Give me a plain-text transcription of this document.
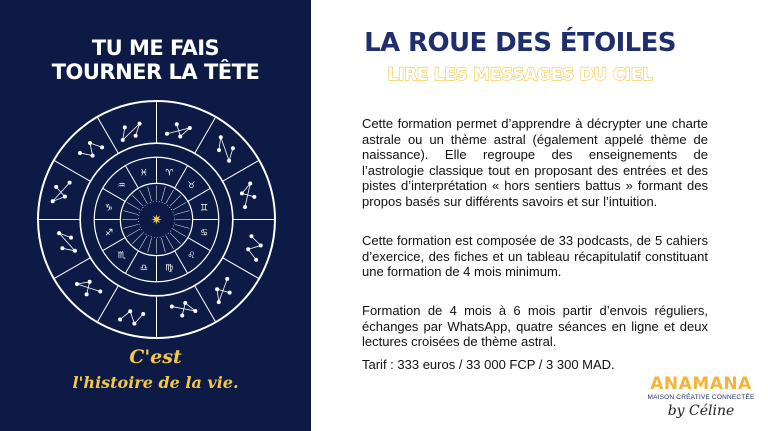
TU ME FAIS
TOURNER LA TÊTE
♈
♉
♊
♋
♌
♍
♎
♏
♐
♑
♒
♓
✷
C'est
l'histoire de la vie.
LA ROUE DES ÉTOILES
LIRE LES MESSAGES DU CIEL

Cette formation permet d’apprendre à décrypter une charte astrale ou un thème astral (également appelé thème de naissance). Elle regroupe des enseignements de l’astrologie classique tout en proposant des entrées et des pistes d’interprétation « hors sentiers battus » formant des propos basés sur différents savoirs et sur l’intuition.

Cette formation est composée de 33 podcasts, de 5 cahiers d’exercice, des fiches et un tableau récapitulatif constituant une formation de 4 mois minimum.

Formation de 4 mois à 6 mois partir d’envois réguliers, échanges par WhatsApp, quatre séances en ligne et deux lectures croisées de thème astral.

Tarif : 333 euros / 33 000 FCP / 3 300 MAD.

ANAMANA
MAISON CRÉATIVE CONNECTÉE
by Céline
